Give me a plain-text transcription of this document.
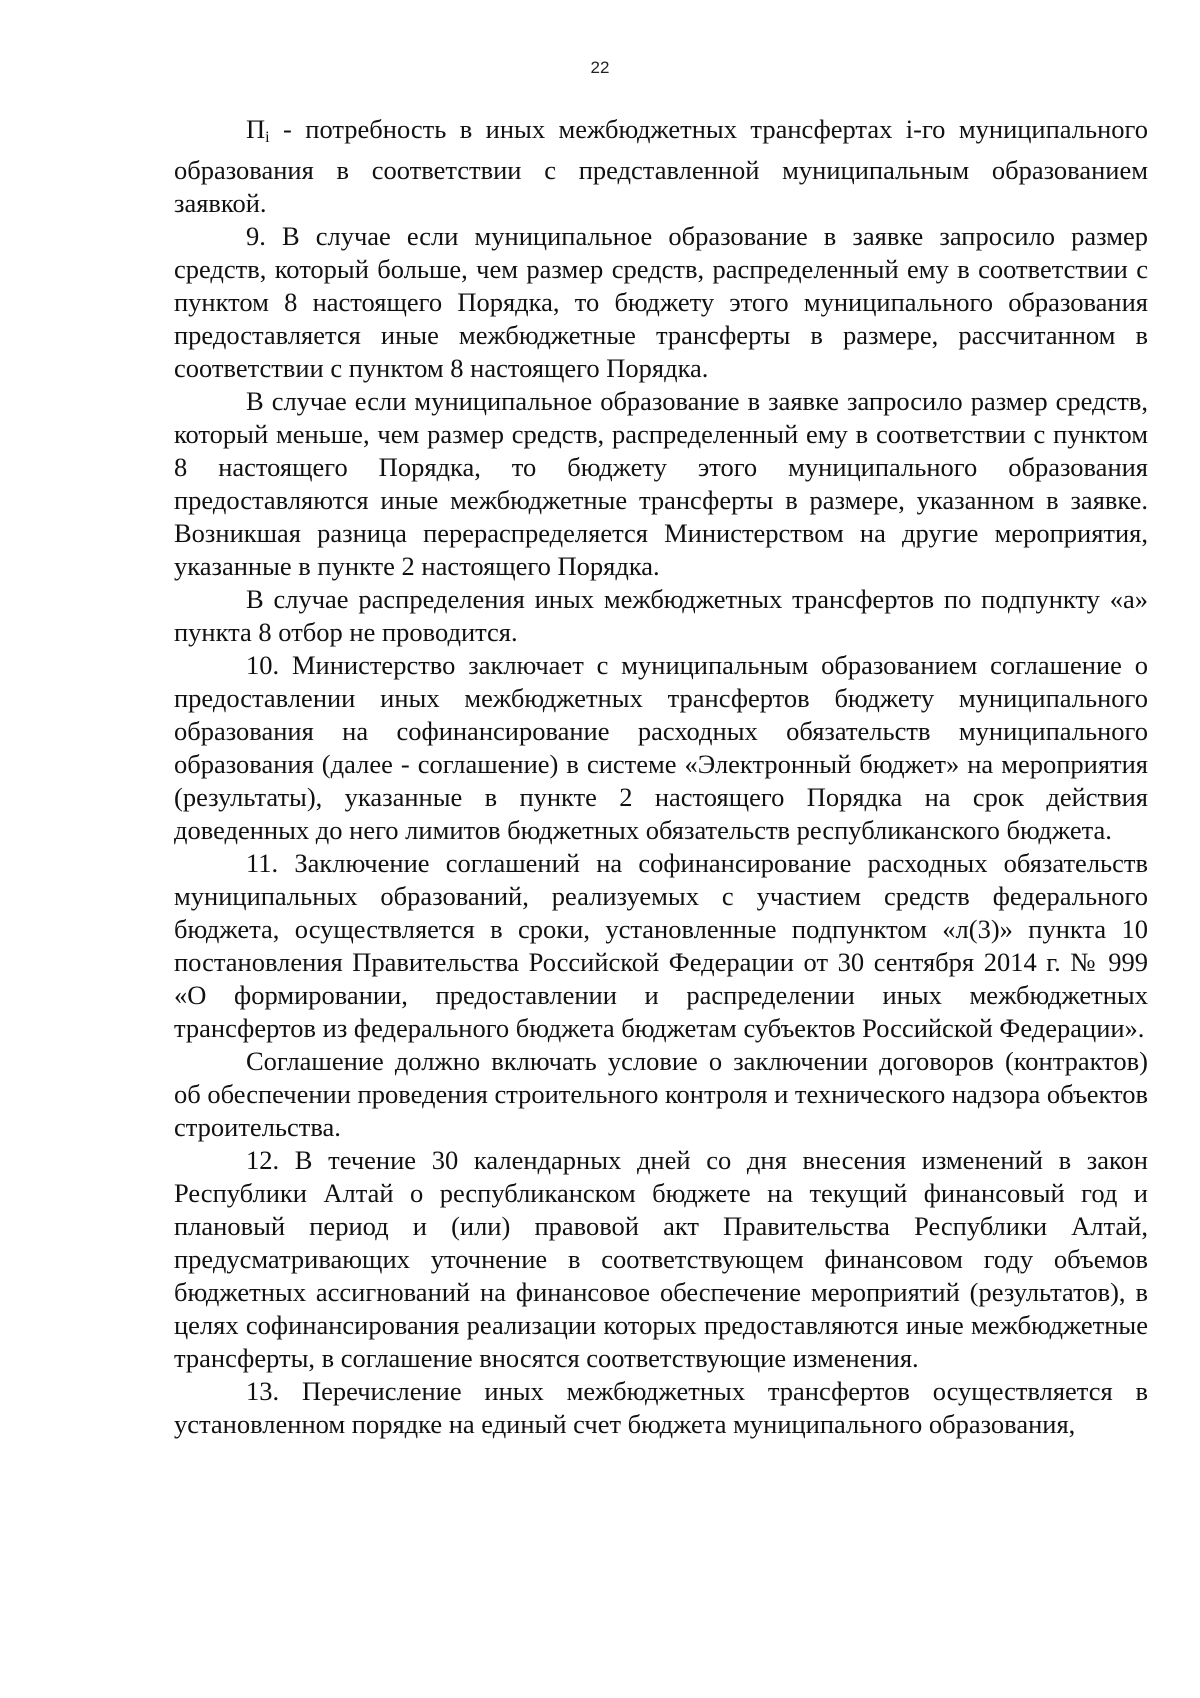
22

$П_i$ - потребность в иных межбюджетных трансфертах i-го муниципального образования в соответствии с представленной муниципальным образованием заявкой.

9. В случае если муниципальное образование в заявке запросило размер средств, который больше, чем размер средств, распределенный ему в соответствии с пунктом 8 настоящего Порядка, то бюджету этого муниципального образования предоставляется иные межбюджетные трансферты в размере, рассчитанном в соответствии с пунктом 8 настоящего Порядка.

В случае если муниципальное образование в заявке запросило размер средств, который меньше, чем размер средств, распределенный ему в соответствии с пунктом 8 настоящего Порядка, то бюджету этого муниципального образования предоставляются иные межбюджетные трансферты в размере, указанном в заявке. Возникшая разница перераспределяется Министерством на другие мероприятия, указанные в пункте 2 настоящего Порядка.

В случае распределения иных межбюджетных трансфертов по подпункту «а» пункта 8 отбор не проводится.

10. Министерство заключает с муниципальным образованием соглашение о предоставлении иных межбюджетных трансфертов бюджету муниципального образования на софинансирование расходных обязательств муниципального образования (далее - соглашение) в системе «Электронный бюджет» на мероприятия (результаты), указанные в пункте 2 настоящего Порядка на срок действия доведенных до него лимитов бюджетных обязательств республиканского бюджета.

11. Заключение соглашений на софинансирование расходных обязательств муниципальных образований, реализуемых с участием средств федерального бюджета, осуществляется в сроки, установленные подпунктом «л(3)» пункта 10 постановления Правительства Российской Федерации от 30 сентября 2014 г. № 999 «О формировании, предоставлении и распределении иных межбюджетных трансфертов из федерального бюджета бюджетам субъектов Российской Федерации».

Соглашение должно включать условие о заключении договоров (контрактов) об обеспечении проведения строительного контроля и технического надзора объектов строительства.

12. В течение 30 календарных дней со дня внесения изменений в закон Республики Алтай о республиканском бюджете на текущий финансовый год и плановый период и (или) правовой акт Правительства Республики Алтай, предусматривающих уточнение в соответствующем финансовом году объемов бюджетных ассигнований на финансовое обеспечение мероприятий (результатов), в целях софинансирования реализации которых предоставляются иные межбюджетные трансферты, в соглашение вносятся соответствующие изменения.

13. Перечисление иных межбюджетных трансфертов осуществляется в установленном порядке на единый счет бюджета муниципального образования,
